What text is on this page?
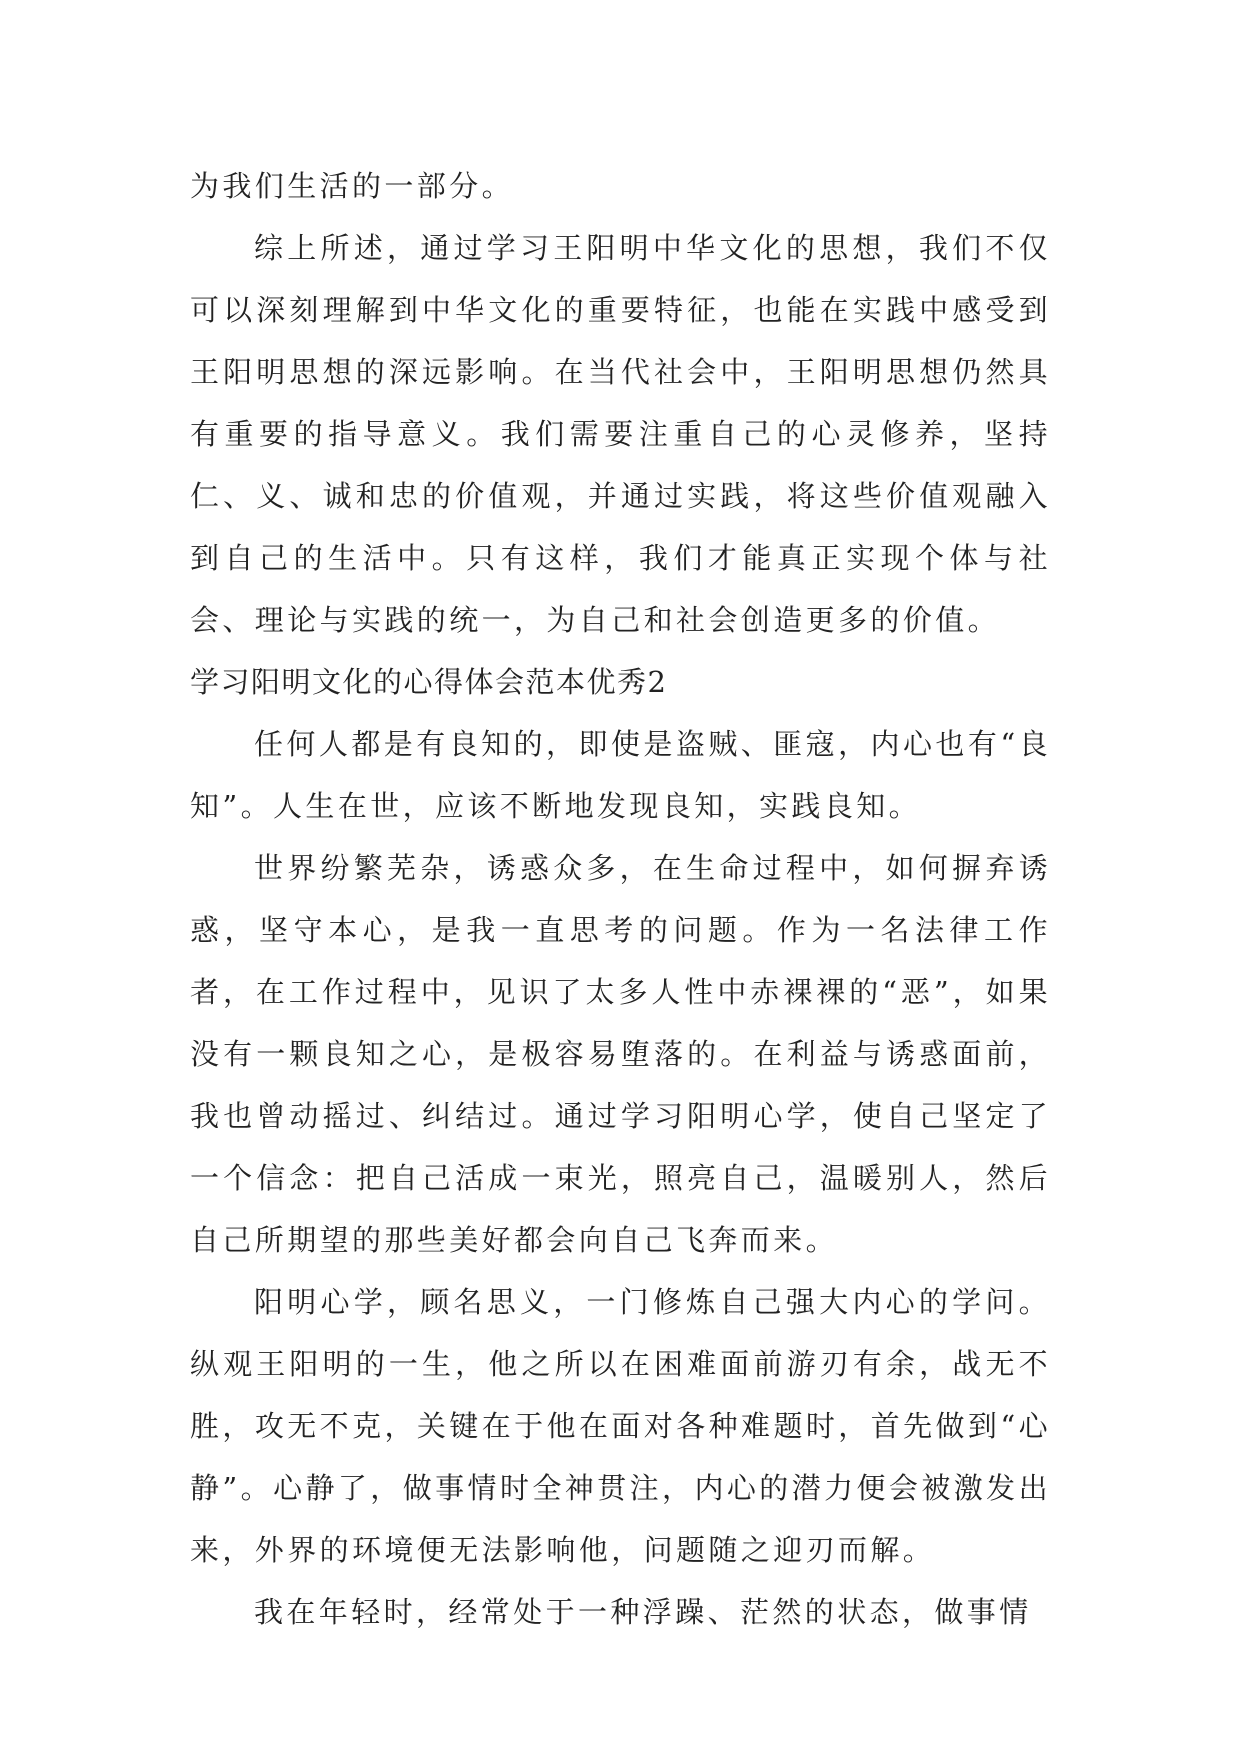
为我们生活的一部分。

综上所述，通过学习王阳明中华文化的思想，我们不仅可以深刻理解到中华文化的重要特征，也能在实践中感受到王阳明思想的深远影响。在当代社会中，王阳明思想仍然具有重要的指导意义。我们需要注重自己的心灵修养，坚持仁、义、诚和忠的价值观，并通过实践，将这些价值观融入到自己的生活中。只有这样，我们才能真正实现个体与社会、理论与实践的统一，为自己和社会创造更多的价值。

学习阳明文化的心得体会范本优秀2

任何人都是有良知的，即使是盗贼、匪寇，内心也有“良知”。人生在世，应该不断地发现良知，实践良知。

世界纷繁芜杂，诱惑众多，在生命过程中，如何摒弃诱惑，坚守本心，是我一直思考的问题。作为一名法律工作者，在工作过程中，见识了太多人性中赤裸裸的“恶”，如果没有一颗良知之心，是极容易堕落的。在利益与诱惑面前，我也曾动摇过、纠结过。通过学习阳明心学，使自己坚定了一个信念：把自己活成一束光，照亮自己，温暖别人，然后自己所期望的那些美好都会向自己飞奔而来。

阳明心学，顾名思义，一门修炼自己强大内心的学问。纵观王阳明的一生，他之所以在困难面前游刃有余，战无不胜，攻无不克，关键在于他在面对各种难题时，首先做到“心静”。心静了，做事情时全神贯注，内心的潜力便会被激发出来，外界的环境便无法影响他，问题随之迎刃而解。

我在年轻时，经常处于一种浮躁、茫然的状态，做事情
